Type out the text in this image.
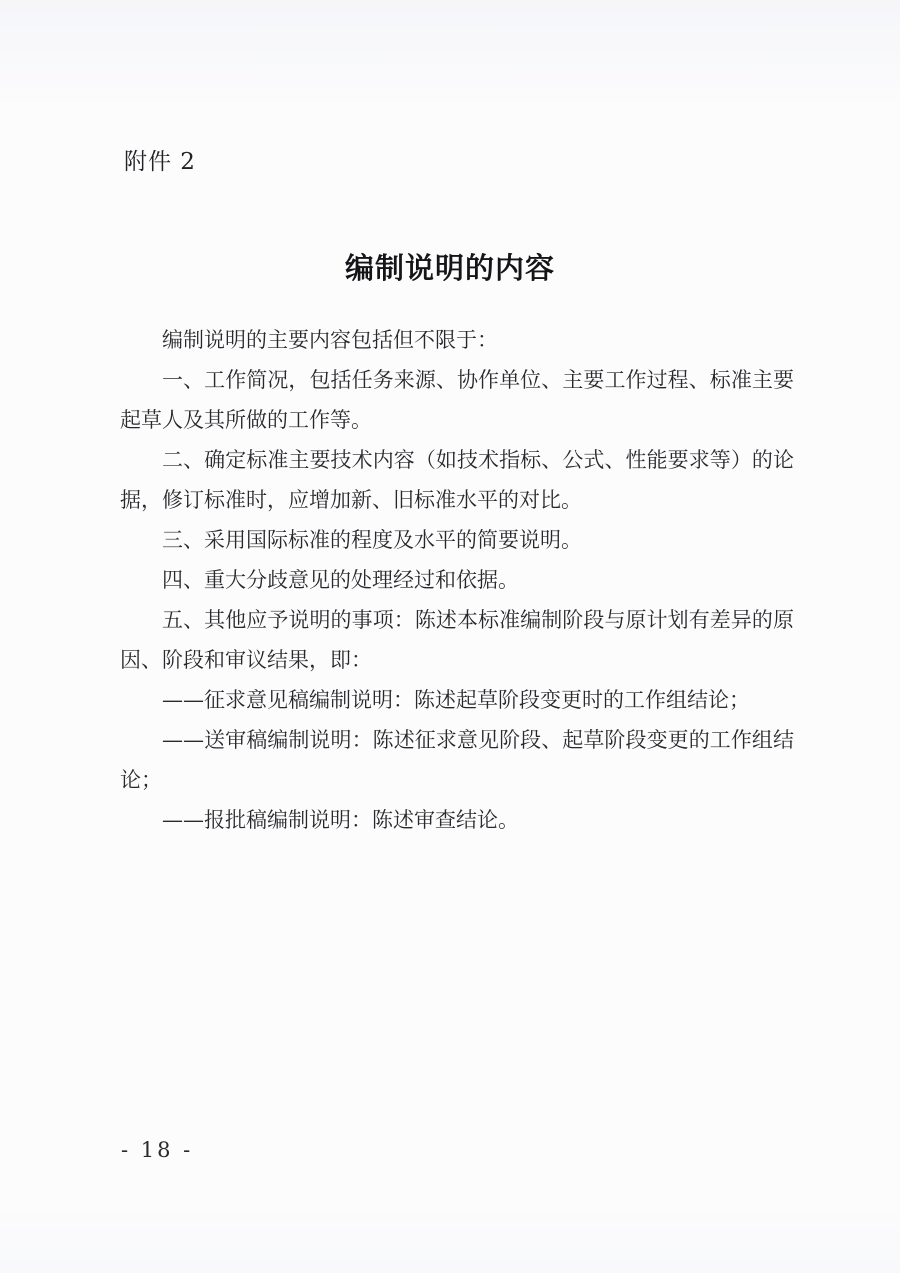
附件 2
编制说明的内容

编制说明的主要内容包括但不限于：

一、工作简况，包括任务来源、协作单位、主要工作过程、标准主要起草人及其所做的工作等。

二、确定标准主要技术内容（如技术指标、公式、性能要求等）的论据，修订标准时，应增加新、旧标准水平的对比。

三、采用国际标准的程度及水平的简要说明。

四、重大分歧意见的处理经过和依据。

五、其他应予说明的事项：陈述本标准编制阶段与原计划有差异的原因、阶段和审议结果，即：

——征求意见稿编制说明：陈述起草阶段变更时的工作组结论；

——送审稿编制说明：陈述征求意见阶段、起草阶段变更的工作组结论；

——报批稿编制说明：陈述审查结论。

- 18 -
